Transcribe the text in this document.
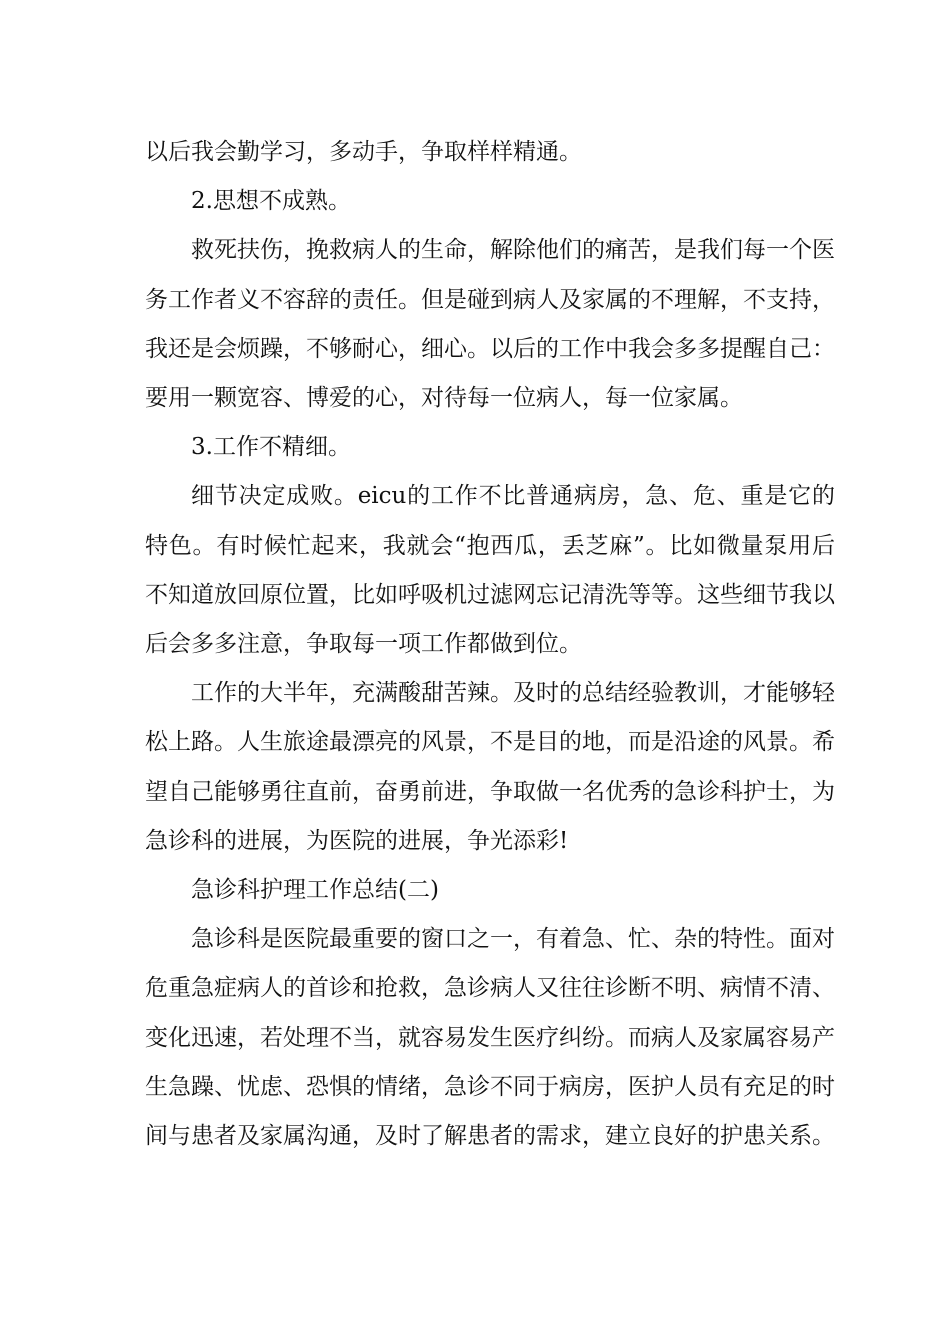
以后我会勤学习，多动手，争取样样精通。

2.思想不成熟。

救死扶伤，挽救病人的生命，解除他们的痛苦，是我们每一个医务工作者义不容辞的责任。但是碰到病人及家属的不理解，不支持，我还是会烦躁，不够耐心，细心。以后的工作中我会多多提醒自己：要用一颗宽容、博爱的心，对待每一位病人，每一位家属。

3.工作不精细。

细节决定成败。eicu的工作不比普通病房，急、危、重是它的特色。有时候忙起来，我就会“抱西瓜，丢芝麻”。比如微量泵用后不知道放回原位置，比如呼吸机过滤网忘记清洗等等。这些细节我以后会多多注意，争取每一项工作都做到位。

工作的大半年，充满酸甜苦辣。及时的总结经验教训，才能够轻松上路。人生旅途最漂亮的风景，不是目的地，而是沿途的风景。希望自己能够勇往直前，奋勇前进，争取做一名优秀的急诊科护士，为急诊科的进展，为医院的进展，争光添彩!

急诊科护理工作总结(二)

急诊科是医院最重要的窗口之一，有着急、忙、杂的特性。面对危重急症病人的首诊和抢救，急诊病人又往往诊断不明、病情不清、变化迅速，若处理不当，就容易发生医疗纠纷。而病人及家属容易产生急躁、忧虑、恐惧的情绪，急诊不同于病房，医护人员有充足的时间与患者及家属沟通，及时了解患者的需求，建立良好的护患关系。
